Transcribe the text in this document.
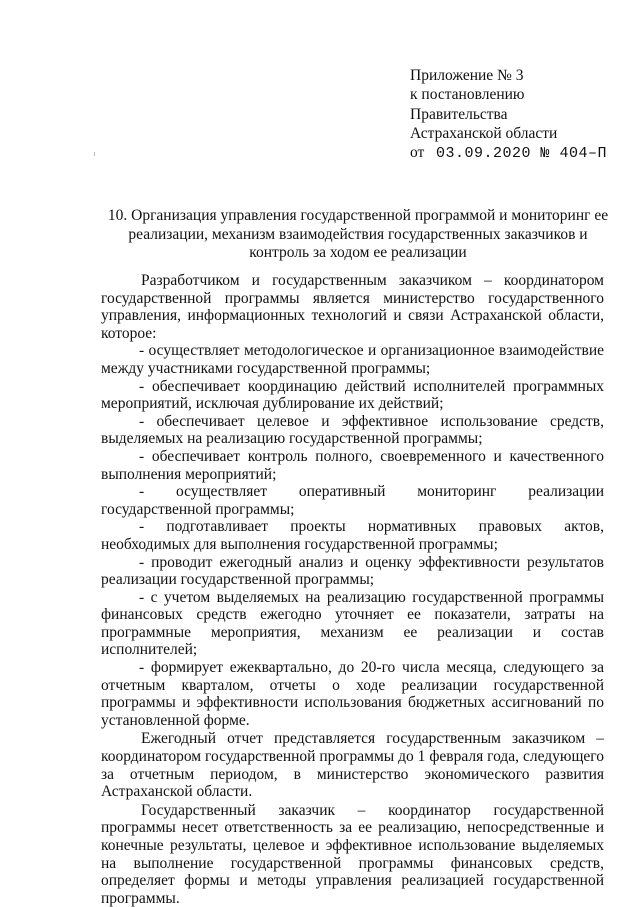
Приложение № 3
к постановлению
Правительства
Астраханской области
от 03.09.2020 № 404–П
10. Организация управления государственной программой и мониторинг ее реализации, механизм взаимодействия государственных заказчиков и контроль за ходом ее реализации

Разработчиком и государственным заказчиком – координатором государственной программы является министерство государственного управления, информационных технологий и связи Астраханской области, которое:

- осуществляет методологическое и организационное взаимодействие между участниками государственной программы;

- обеспечивает координацию действий исполнителей программных мероприятий, исключая дублирование их действий;

- обеспечивает целевое и эффективное использование средств, выделяемых на реализацию государственной программы;

- обеспечивает контроль полного, своевременного и качественного выполнения мероприятий;

- осуществляет оперативный мониторинг реализации государственной программы;

- подготавливает проекты нормативных правовых актов, необходимых для выполнения государственной программы;

- проводит ежегодный анализ и оценку эффективности результатов реализации государственной программы;

- с учетом выделяемых на реализацию государственной программы финансовых средств ежегодно уточняет ее показатели, затраты на программные мероприятия, механизм ее реализации и состав исполнителей;

- формирует ежеквартально, до 20-го числа месяца, следующего за отчетным кварталом, отчеты о ходе реализации государственной программы и эффективности использования бюджетных ассигнований по установленной форме.

Ежегодный отчет представляется государственным заказчиком – координатором государственной программы до 1 февраля года, следующего за отчетным периодом, в министерство экономического развития Астраханской области.

Государственный заказчик – координатор государственной программы несет ответственность за ее реализацию, непосредственные и конечные результаты, целевое и эффективное использование выделяемых на выполнение государственной программы финансовых средств, определяет формы и методы управления реализацией государственной программы.
